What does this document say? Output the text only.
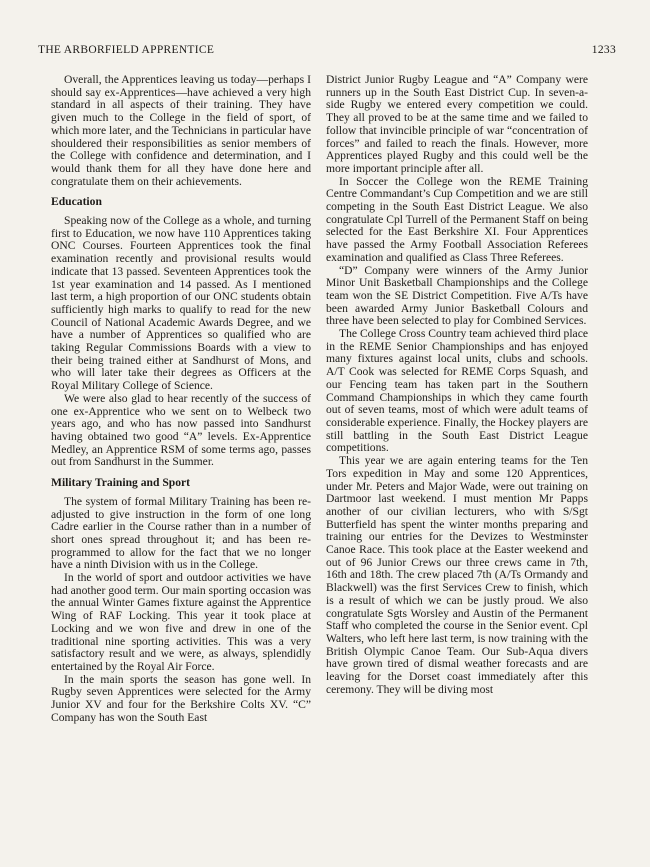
THE ARBORFIELD APPRENTICE	1233

Overall, the Apprentices leaving us today—perhaps I should say ex-Apprentices—have achieved a very high standard in all aspects of their training. They have given much to the College in the field of sport, of which more later, and the Technicians in particular have shouldered their responsibilities as senior members of the College with confidence and determination, and I would thank them for all they have done here and congratulate them on their achievements.

Education

Speaking now of the College as a whole, and turning first to Education, we now have 110 Apprentices taking ONC Courses. Fourteen Apprentices took the final examination recently and provisional results would indicate that 13 passed. Seventeen Apprentices took the 1st year examination and 14 passed. As I mentioned last term, a high proportion of our ONC students obtain sufficiently high marks to qualify to read for the new Council of National Academic Awards Degree, and we have a number of Apprentices so qualified who are taking Regular Commissions Boards with a view to their being trained either at Sandhurst of Mons, and who will later take their degrees as Officers at the Royal Military College of Science.

We were also glad to hear recently of the success of one ex-Apprentice who we sent on to Welbeck two years ago, and who has now passed into Sandhurst having obtained two good “A” levels. Ex-Apprentice Medley, an Apprentice RSM of some terms ago, passes out from Sandhurst in the Summer.

Military Training and Sport

The system of formal Military Training has been re-adjusted to give instruction in the form of one long Cadre earlier in the Course rather than in a number of short ones spread throughout it; and has been re-programmed to allow for the fact that we no longer have a ninth Division with us in the College.

In the world of sport and outdoor activities we have had another good term. Our main sporting occasion was the annual Winter Games fixture against the Apprentice Wing of RAF Locking. This year it took place at Locking and we won five and drew in one of the traditional nine sporting activities. This was a very satisfactory result and we were, as always, splendidly entertained by the Royal Air Force.

In the main sports the season has gone well. In Rugby seven Apprentices were selected for the Army Junior XV and four for the Berkshire Colts XV. “C” Company has won the South East

District Junior Rugby League and “A” Company were runners up in the South East District Cup. In seven-a-side Rugby we entered every competition we could. They all proved to be at the same time and we failed to follow that invincible principle of war “concentration of forces” and failed to reach the finals. However, more Apprentices played Rugby and this could well be the more important principle after all.

In Soccer the College won the REME Training Centre Commandant’s Cup Competition and we are still competing in the South East District League. We also congratulate Cpl Turrell of the Permanent Staff on being selected for the East Berkshire XI. Four Apprentices have passed the Army Football Association Referees examination and qualified as Class Three Referees.

“D” Company were winners of the Army Junior Minor Unit Basketball Championships and the College team won the SE District Competition. Five A/Ts have been awarded Army Junior Basketball Colours and three have been selected to play for Combined Services.

The College Cross Country team achieved third place in the REME Senior Championships and has enjoyed many fixtures against local units, clubs and schools. A/T Cook was selected for REME Corps Squash, and our Fencing team has taken part in the Southern Command Championships in which they came fourth out of seven teams, most of which were adult teams of considerable experience. Finally, the Hockey players are still battling in the South East District League competitions.

This year we are again entering teams for the Ten Tors expedition in May and some 120 Apprentices, under Mr. Peters and Major Wade, were out training on Dartmoor last weekend. I must mention Mr Papps another of our civilian lecturers, who with S/Sgt Butterfield has spent the winter months preparing and training our entries for the Devizes to Westminster Canoe Race. This took place at the Easter weekend and out of 96 Junior Crews our three crews came in 7th, 16th and 18th. The crew placed 7th (A/Ts Ormandy and Blackwell) was the first Services Crew to finish, which is a result of which we can be justly proud. We also congratulate Sgts Worsley and Austin of the Permanent Staff who completed the course in the Senior event. Cpl Walters, who left here last term, is now training with the British Olympic Canoe Team. Our Sub-Aqua divers have grown tired of dismal weather forecasts and are leaving for the Dorset coast immediately after this ceremony. They will be diving most
